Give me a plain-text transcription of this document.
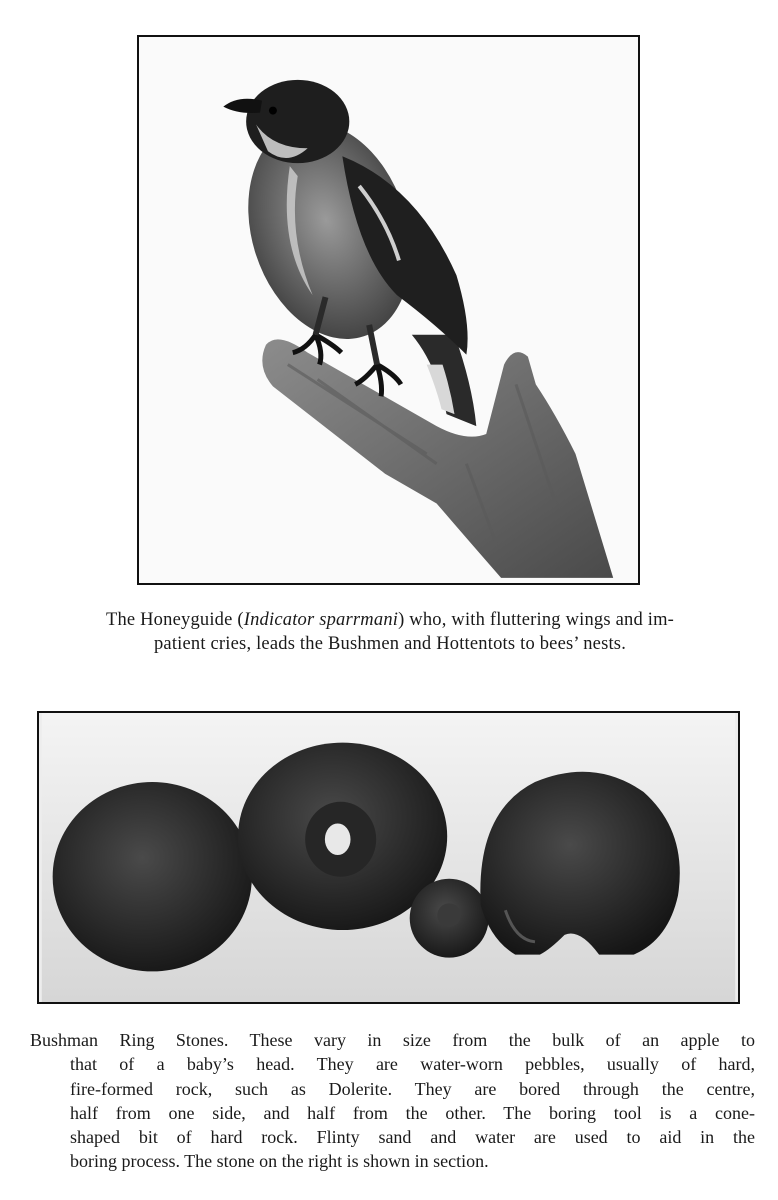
The Honeyguide (Indicator sparrmani) who, with fluttering wings and im-
patient cries, leads the Bushmen and Hottentots to bees’ nests.
Bushman Ring Stones. These vary in size from the bulk of an apple to
that of a baby’s head. They are water-worn pebbles, usually of hard,
fire-formed rock, such as Dolerite. They are bored through the centre,
half from one side, and half from the other. The boring tool is a cone-
shaped bit of hard rock. Flinty sand and water are used to aid in the
boring process. The stone on the right is shown in section.
